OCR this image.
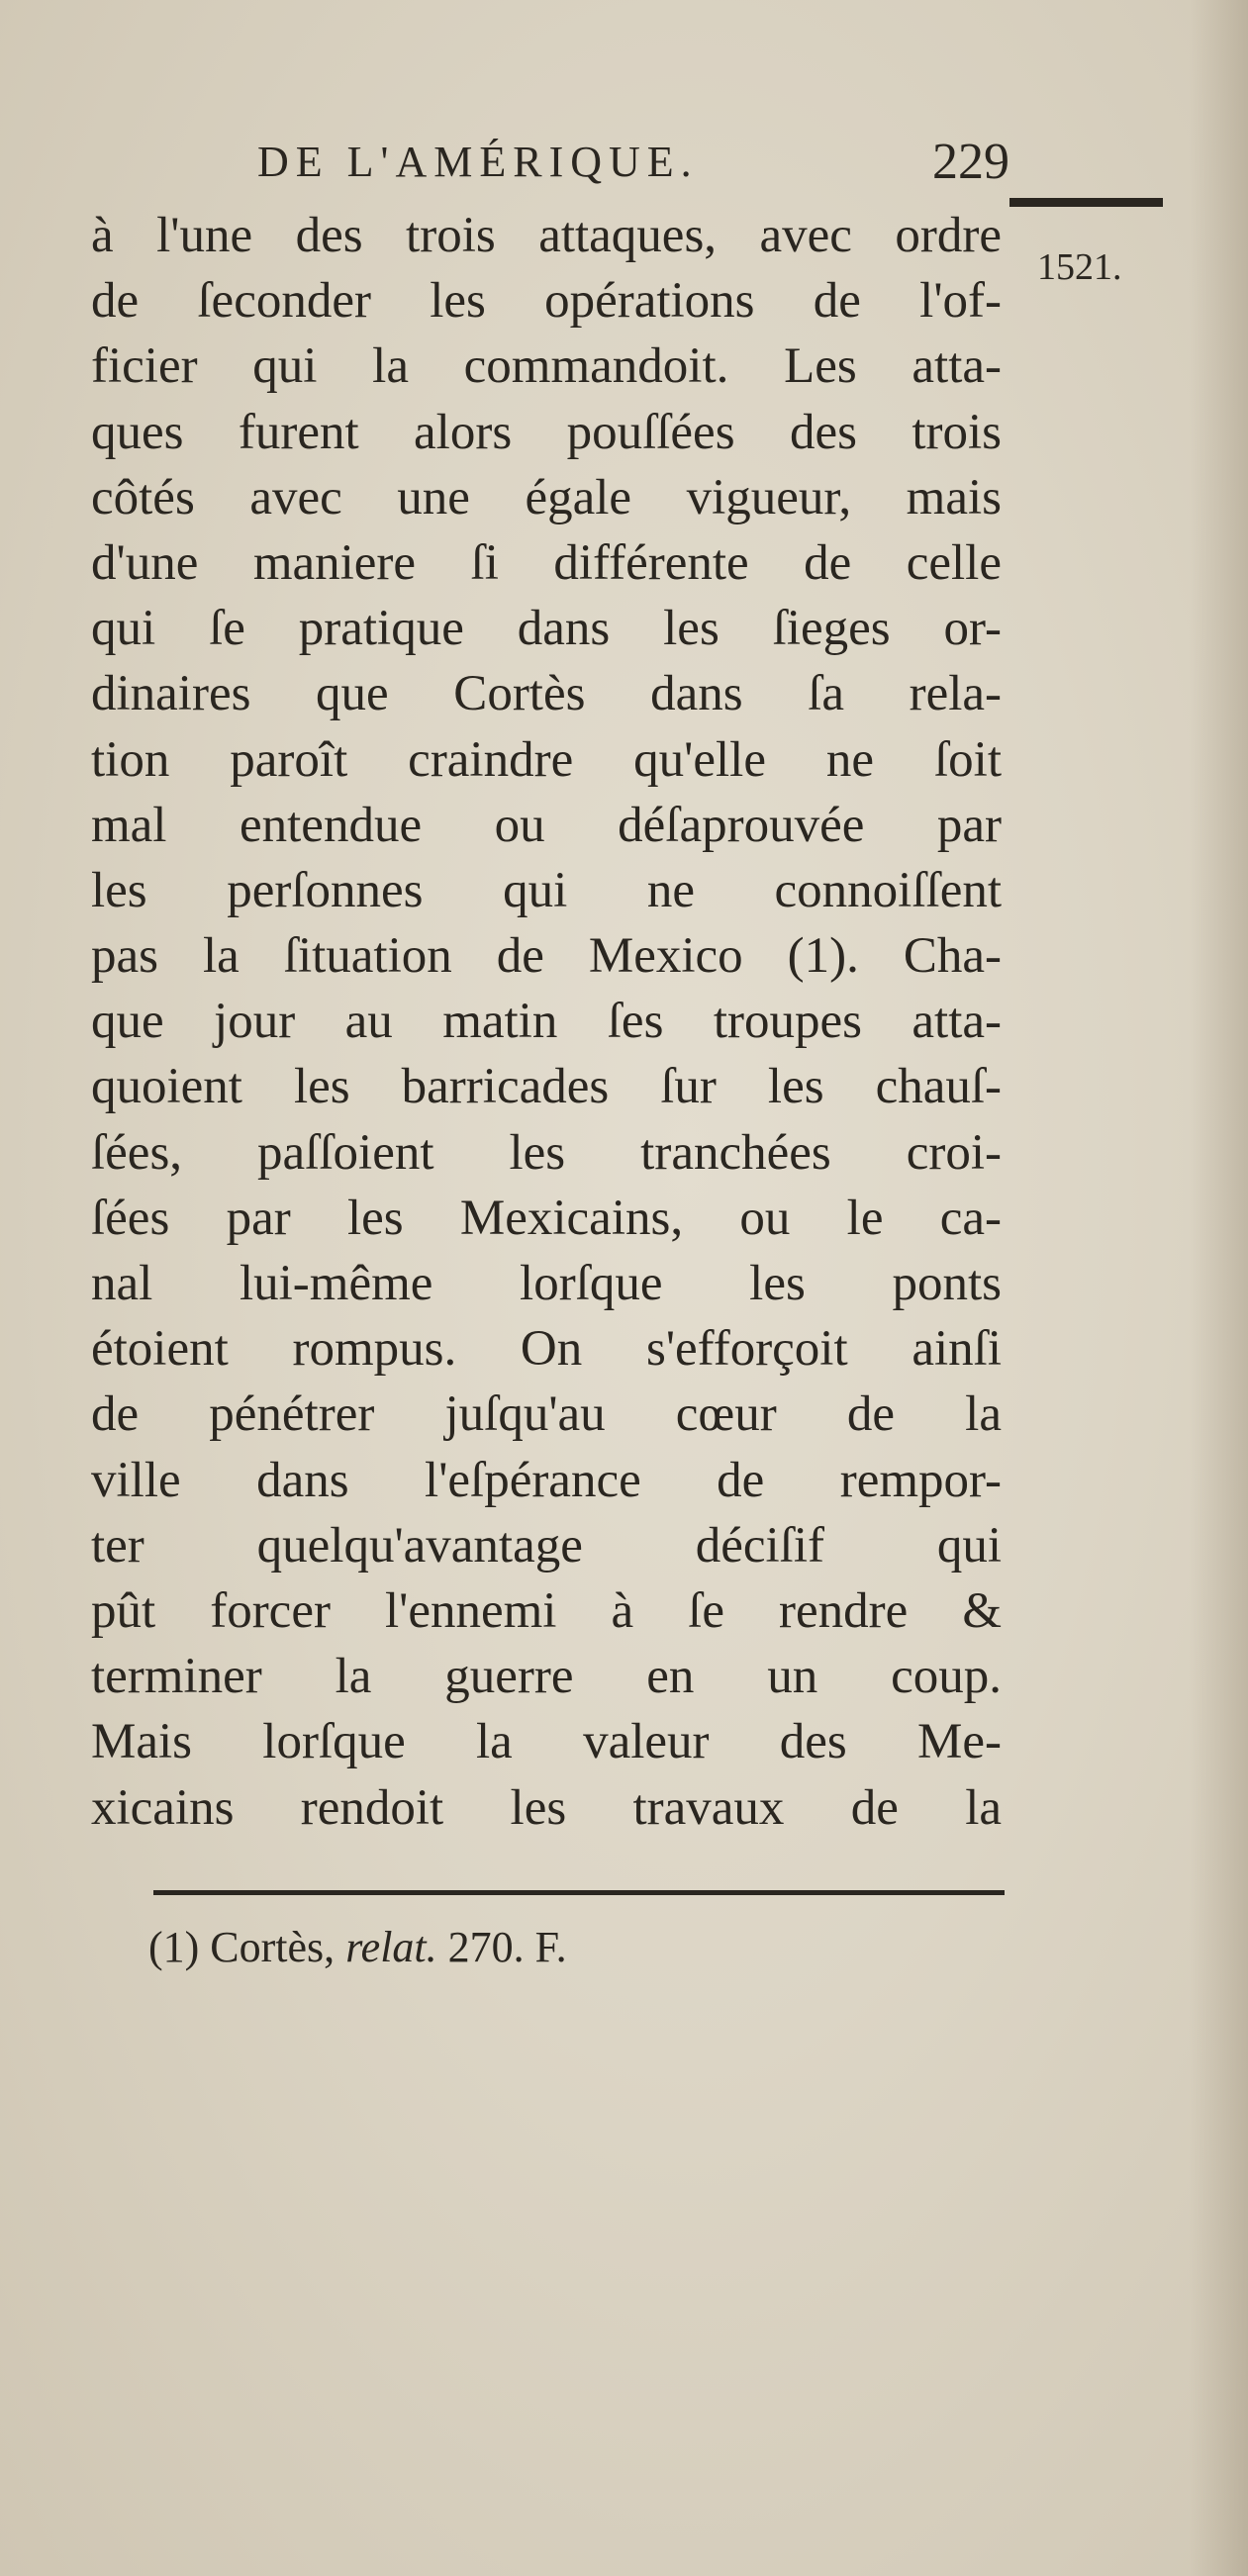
DE L'AMÉRIQUE.	229
1521.
à l'une des trois attaques, avec ordre
de ſeconder les opérations de l'of-
ficier qui la commandoit. Les atta-
ques furent alors pouſſées des trois
côtés avec une égale vigueur, mais
d'une maniere ſi différente de celle
qui ſe pratique dans les ſieges or-
dinaires que Cortès dans ſa rela-
tion paroît craindre qu'elle ne ſoit
mal entendue ou déſaprouvée par
les perſonnes qui ne connoiſſent
pas la ſituation de Mexico (1). Cha-
que jour au matin ſes troupes atta-
quoient les barricades ſur les chauſ-
ſées, paſſoient les tranchées croi-
ſées par les Mexicains, ou le ca-
nal lui-même lorſque les ponts
étoient rompus. On s'efforçoit ainſi
de pénétrer juſqu'au cœur de la
ville dans l'eſpérance de rempor-
ter quelqu'avantage déciſif qui
pût forcer l'ennemi à ſe rendre &
terminer la guerre en un coup.
Mais lorſque la valeur des Me-
xicains rendoit les travaux de la
(1) Cortès, relat. 270. F.
